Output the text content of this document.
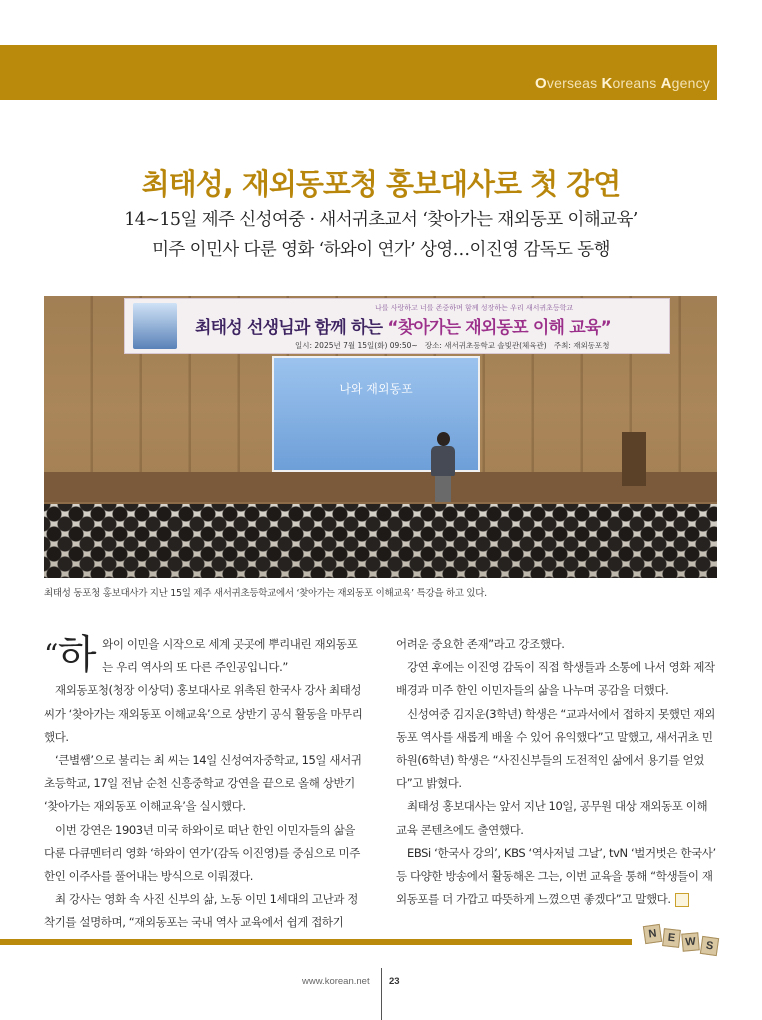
Overseas Koreans Agency
최태성, 재외동포청 홍보대사로 첫 강연
14~15일 제주 신성여중 · 새서귀초교서 ‘찾아가는 재외동포 이해교육’
미주 이민사 다룬 영화 ‘하와이 연가’ 상영…이진영 감독도 동행
나를 사랑하고 너를 존중하며 함께 성장하는 우리 새서귀초등학교
최태성 선생님과 함께 하는 “찾아가는 재외동포 이해 교육”
일시: 2025년 7월 15일(화) 09:50~ 장소: 새서귀초등학교 솔빛관(체육관) 주최: 재외동포청
나와 재외동포
최태성 동포청 홍보대사가 지난 15일 제주 새서귀초등학교에서 ‘찾아가는 재외동포 이해교육’ 특강을 하고 있다.

“하 와이 이민을 시작으로 세계 곳곳에 뿌리내린 재외동포는 우리 역사의 또 다른 주인공입니다.”

재외동포청(청장 이상덕) 홍보대사로 위촉된 한국사 강사 최태성 씨가 ‘찾아가는 재외동포 이해교육’으로 상반기 공식 활동을 마무리했다.

‘큰별쌤’으로 불리는 최 씨는 14일 신성여자중학교, 15일 새서귀초등학교, 17일 전남 순천 신흥중학교 강연을 끝으로 올해 상반기 ‘찾아가는 재외동포 이해교육’을 실시했다.

이번 강연은 1903년 미국 하와이로 떠난 한인 이민자들의 삶을 다룬 다큐멘터리 영화 ‘하와이 연가’(감독 이진영)를 중심으로 미주 한인 이주사를 풀어내는 방식으로 이뤄졌다.

최 강사는 영화 속 사진 신부의 삶, 노동 이민 1세대의 고난과 정착기를 설명하며, “재외동포는 국내 역사 교육에서 쉽게 접하기

어려운 중요한 존재”라고 강조했다.

강연 후에는 이진영 감독이 직접 학생들과 소통에 나서 영화 제작 배경과 미주 한인 이민자들의 삶을 나누며 공감을 더했다.

신성여중 김지운(3학년) 학생은 “교과서에서 접하지 못했던 재외동포 역사를 새롭게 배울 수 있어 유익했다”고 말했고, 새서귀초 민하원(6학년) 학생은 “사진신부들의 도전적인 삶에서 용기를 얻었다”고 밝혔다.

최태성 홍보대사는 앞서 지난 10일, 공무원 대상 재외동포 이해 교육 콘텐츠에도 출연했다.

EBSi ‘한국사 강의’, KBS ‘역사저널 그날’, tvN ‘벌거벗은 한국사’ 등 다양한 방송에서 활동해온 그는, 이번 교육을 통해 “학생들이 재외동포를 더 가깝고 따뜻하게 느꼈으면 좋겠다”고 말했다.

N E W S
www.korean.net 23
